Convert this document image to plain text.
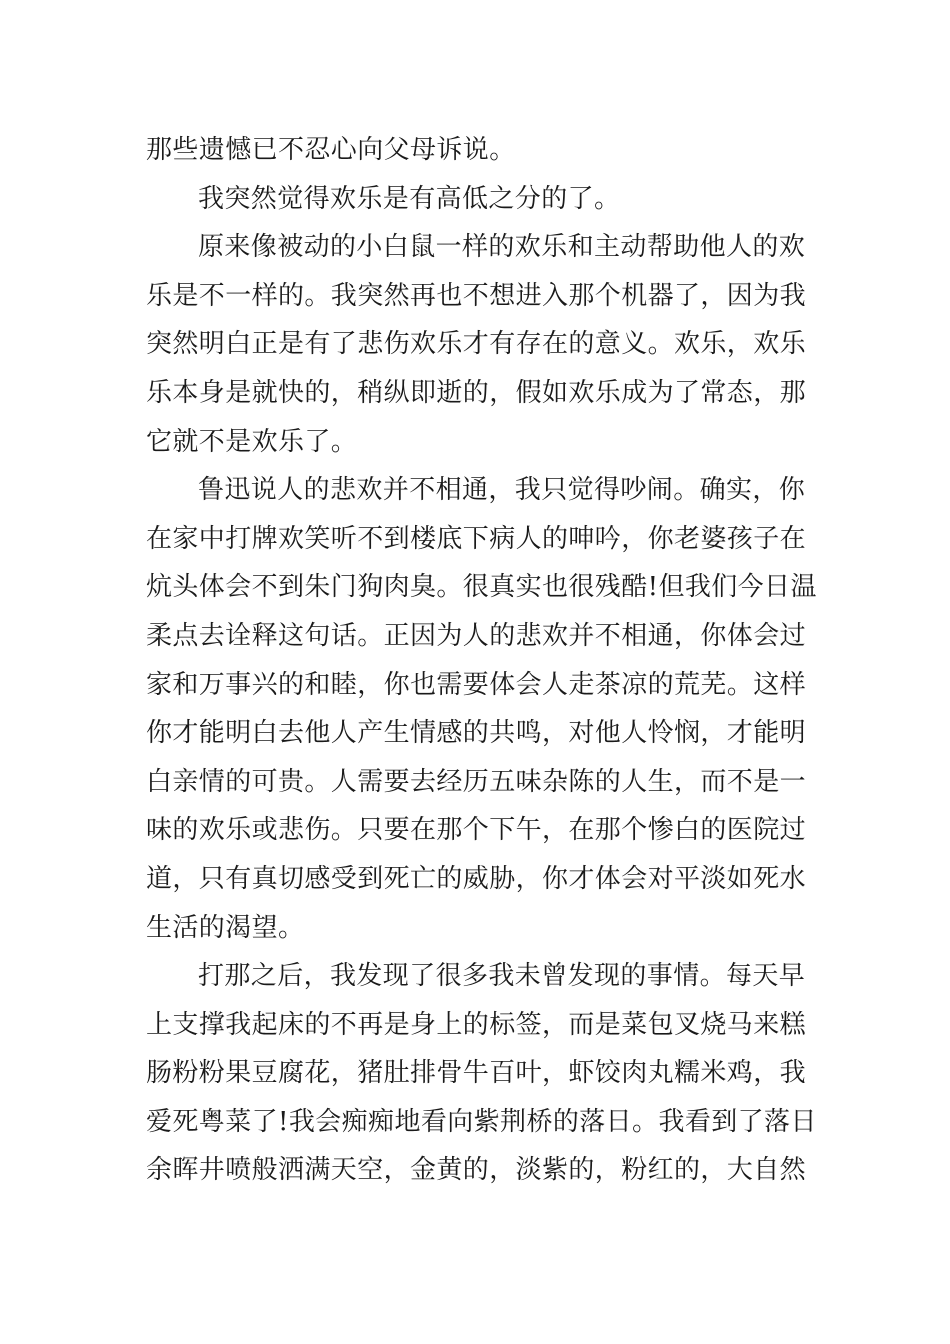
那些遗憾已不忍心向父母诉说。
我突然觉得欢乐是有高低之分的了。
原来像被动的小白鼠一样的欢乐和主动帮助他人的欢
乐是不一样的。我突然再也不想进入那个机器了，因为我
突然明白正是有了悲伤欢乐才有存在的意义。欢乐，欢乐
乐本身是就快的，稍纵即逝的，假如欢乐成为了常态，那
它就不是欢乐了。
鲁迅说人的悲欢并不相通，我只觉得吵闹。确实，你
在家中打牌欢笑听不到楼底下病人的呻吟，你老婆孩子在
炕头体会不到朱门狗肉臭。很真实也很残酷!但我们今日温
柔点去诠释这句话。正因为人的悲欢并不相通，你体会过
家和万事兴的和睦，你也需要体会人走茶凉的荒芜。这样
你才能明白去他人产生情感的共鸣，对他人怜悯，才能明
白亲情的可贵。人需要去经历五味杂陈的人生，而不是一
味的欢乐或悲伤。只要在那个下午，在那个惨白的医院过
道，只有真切感受到死亡的威胁，你才体会对平淡如死水
生活的渴望。
打那之后，我发现了很多我未曾发现的事情。每天早
上支撑我起床的不再是身上的标签，而是菜包叉烧马来糕
肠粉粉果豆腐花，猪肚排骨牛百叶，虾饺肉丸糯米鸡，我
爱死粤菜了!我会痴痴地看向紫荆桥的落日。我看到了落日
余晖井喷般洒满天空，金黄的，淡紫的，粉红的，大自然
